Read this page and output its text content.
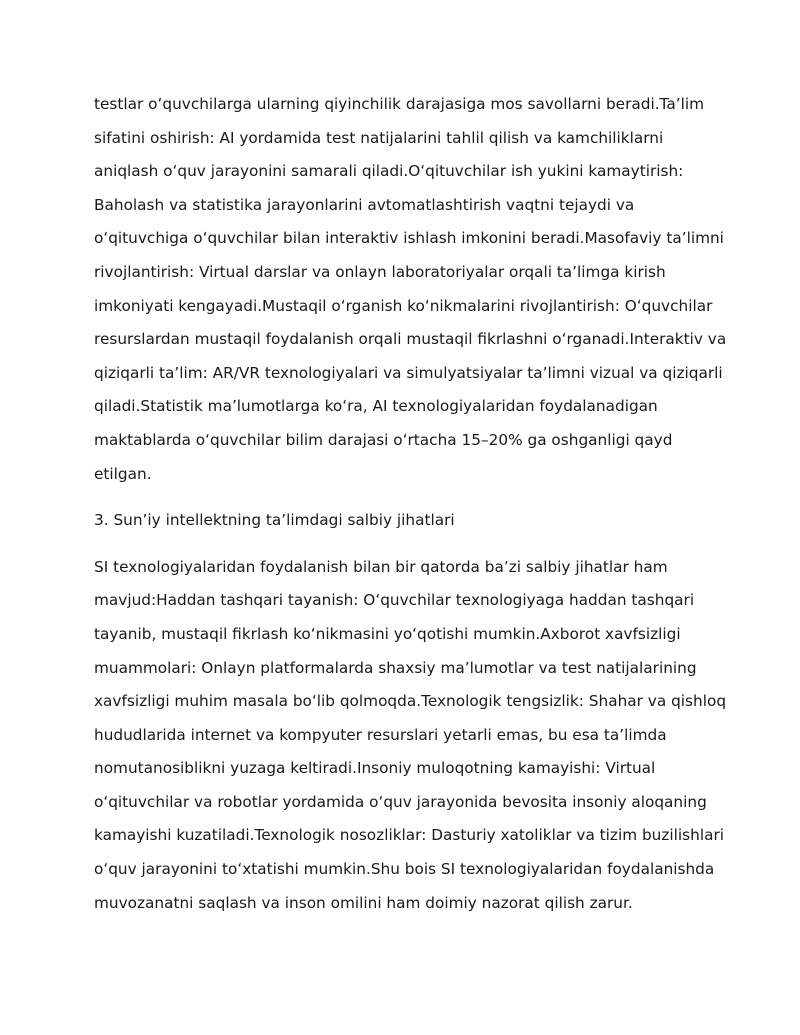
testlar oʻquvchilarga ularning qiyinchilik darajasiga mos savollarni beradi.Ta’lim
sifatini oshirish: AI yordamida test natijalarini tahlil qilish va kamchiliklarni
aniqlash oʻquv jarayonini samarali qiladi.Oʻqituvchilar ish yukini kamaytirish:
Baholash va statistika jarayonlarini avtomatlashtirish vaqtni tejaydi va
oʻqituvchiga oʻquvchilar bilan interaktiv ishlash imkonini beradi.Masofaviy ta’limni
rivojlantirish: Virtual darslar va onlayn laboratoriyalar orqali ta’limga kirish
imkoniyati kengayadi.Mustaqil oʻrganish koʻnikmalarini rivojlantirish: Oʻquvchilar
resurslardan mustaqil foydalanish orqali mustaqil fikrlashni oʻrganadi.Interaktiv va
qiziqarli ta’lim: AR/VR texnologiyalari va simulyatsiyalar ta’limni vizual va qiziqarli
qiladi.Statistik maʼlumotlarga koʻra, AI texnologiyalaridan foydalanadigan
maktablarda oʻquvchilar bilim darajasi oʻrtacha 15–20% ga oshganligi qayd
etilgan.
3. Sun’iy intellektning ta’limdagi salbiy jihatlari
SI texnologiyalaridan foydalanish bilan bir qatorda baʼzi salbiy jihatlar ham
mavjud:Haddan tashqari tayanish: Oʻquvchilar texnologiyaga haddan tashqari
tayanib, mustaqil fikrlash koʻnikmasini yoʻqotishi mumkin.Axborot xavfsizligi
muammolari: Onlayn platformalarda shaxsiy ma’lumotlar va test natijalarining
xavfsizligi muhim masala boʻlib qolmoqda.Texnologik tengsizlik: Shahar va qishloq
hududlarida internet va kompyuter resurslari yetarli emas, bu esa ta’limda
nomutanosiblikni yuzaga keltiradi.Insoniy muloqotning kamayishi: Virtual
oʻqituvchilar va robotlar yordamida oʻquv jarayonida bevosita insoniy aloqaning
kamayishi kuzatiladi.Texnologik nosozliklar: Dasturiy xatoliklar va tizim buzilishlari
oʻquv jarayonini toʻxtatishi mumkin.Shu bois SI texnologiyalaridan foydalanishda
muvozanatni saqlash va inson omilini ham doimiy nazorat qilish zarur.
